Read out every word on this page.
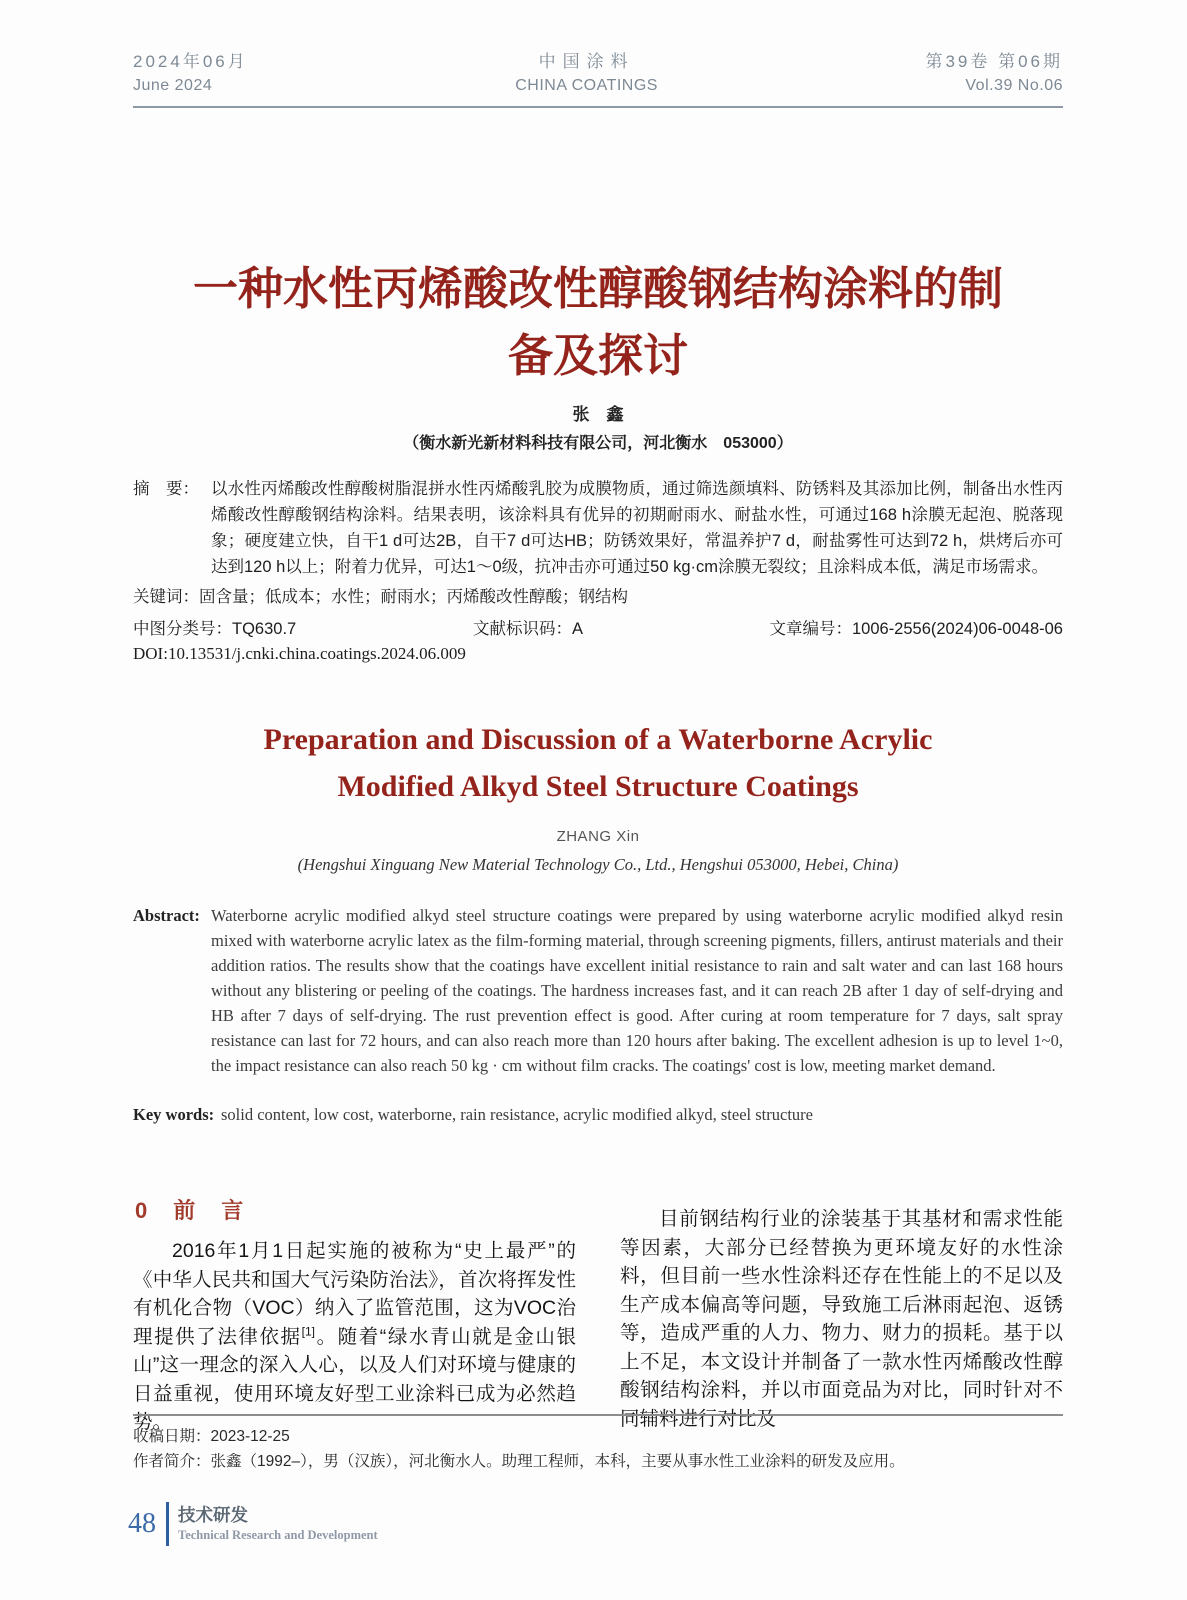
2024年06月
June 2024
中国涂料
CHINA COATINGS
第39卷 第06期
Vol.39 No.06
一种水性丙烯酸改性醇酸钢结构涂料的制备及探讨
张　鑫
（衡水新光新材料科技有限公司，河北衡水　053000）
摘　要： 以水性丙烯酸改性醇酸树脂混拼水性丙烯酸乳胶为成膜物质，通过筛选颜填料、防锈料及其添加比例，制备出水性丙烯酸改性醇酸钢结构涂料。结果表明，该涂料具有优异的初期耐雨水、耐盐水性，可通过168 h涂膜无起泡、脱落现象；硬度建立快，自干1 d可达2B，自干7 d可达HB；防锈效果好，常温养护7 d，耐盐雾性可达到72 h，烘烤后亦可达到120 h以上；附着力优异，可达1～0级，抗冲击亦可通过50 kg·cm涂膜无裂纹；且涂料成本低，满足市场需求。
关键词： 固含量；低成本；水性；耐雨水；丙烯酸改性醇酸；钢结构
中图分类号：TQ630.7	文献标识码：A	文章编号：1006-2556(2024)06-0048-06
DOI:10.13531/j.cnki.china.coatings.2024.06.009
Preparation and Discussion of a Waterborne Acrylic Modified Alkyd Steel Structure Coatings
ZHANG Xin
(Hengshui Xinguang New Material Technology Co., Ltd., Hengshui 053000, Hebei, China)
Abstract: Waterborne acrylic modified alkyd steel structure coatings were prepared by using waterborne acrylic modified alkyd resin mixed with waterborne acrylic latex as the film-forming material, through screening pigments, fillers, antirust materials and their addition ratios. The results show that the coatings have excellent initial resistance to rain and salt water and can last 168 hours without any blistering or peeling of the coatings. The hardness increases fast, and it can reach 2B after 1 day of self-drying and HB after 7 days of self-drying. The rust prevention effect is good. After curing at room temperature for 7 days, salt spray resistance can last for 72 hours, and can also reach more than 120 hours after baking. The excellent adhesion is up to level 1~0, the impact resistance can also reach 50 kg · cm without film cracks. The coatings' cost is low, meeting market demand.
Key words: solid content, low cost, waterborne, rain resistance, acrylic modified alkyd, steel structure
0　前　言

2016年1月1日起实施的被称为“史上最严”的《中华人民共和国大气污染防治法》，首次将挥发性有机化合物（VOC）纳入了监管范围，这为VOC治理提供了法律依据[1]。随着“绿水青山就是金山银山”这一理念的深入人心，以及人们对环境与健康的日益重视，使用环境友好型工业涂料已成为必然趋势。

目前钢结构行业的涂装基于其基材和需求性能等因素，大部分已经替换为更环境友好的水性涂料，但目前一些水性涂料还存在性能上的不足以及生产成本偏高等问题，导致施工后淋雨起泡、返锈等，造成严重的人力、物力、财力的损耗。基于以上不足，本文设计并制备了一款水性丙烯酸改性醇酸钢结构涂料，并以市面竞品为对比，同时针对不同辅料进行对比及

收稿日期：2023-12-25
作者简介：张鑫（1992–），男（汉族），河北衡水人。助理工程师，本科，主要从事水性工业涂料的研发及应用。
48	技术研发
Technical Research and Development
